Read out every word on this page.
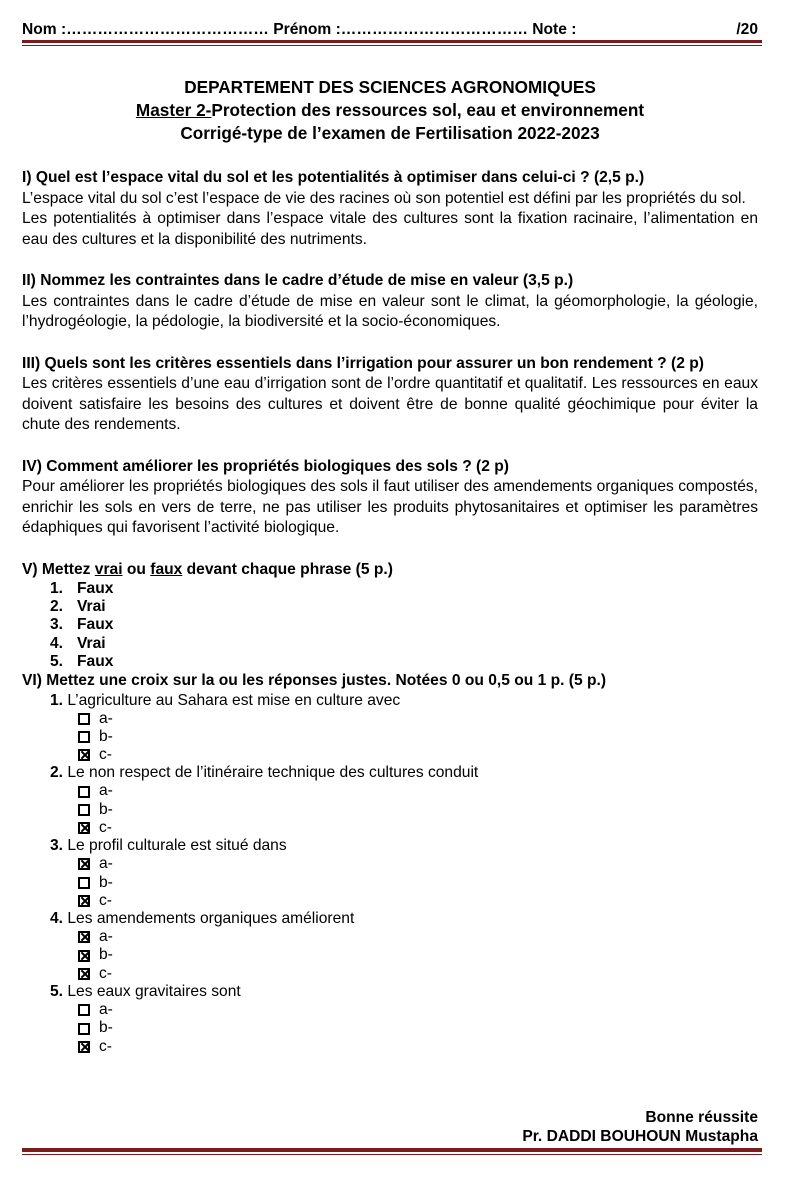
Nom :………………………………… Prénom :……………………………… Note :	/20
DEPARTEMENT DES SCIENCES AGRONOMIQUES
Master 2-Protection des ressources sol, eau et environnement
Corrigé-type de l’examen de Fertilisation 2022-2023
I) Quel est l’espace vital du sol et les potentialités à optimiser dans celui-ci ? (2,5 p.)
L’espace vital du sol c’est l’espace de vie des racines où son potentiel est défini par les propriétés du sol.
Les potentialités à optimiser dans l’espace vitale des cultures sont la fixation racinaire, l’alimentation en eau des cultures et la disponibilité des nutriments.
II) Nommez les contraintes dans le cadre d’étude de mise en valeur (3,5 p.)
Les contraintes dans le cadre d’étude de mise en valeur sont le climat, la géomorphologie, la géologie, l’hydrogéologie, la pédologie, la biodiversité et la socio-économiques.
III) Quels sont les critères essentiels dans l’irrigation pour assurer un bon rendement ? (2 p)
Les critères essentiels d’une eau d’irrigation sont de l’ordre quantitatif et qualitatif. Les ressources en eaux doivent satisfaire les besoins des cultures et doivent être de bonne qualité géochimique pour éviter la chute des rendements.
IV) Comment améliorer les propriétés biologiques des sols ? (2 p)
Pour améliorer les propriétés biologiques des sols il faut utiliser des amendements organiques compostés, enrichir les sols en vers de terre, ne pas utiliser les produits phytosanitaires et optimiser les paramètres édaphiques qui favorisent l’activité biologique.
V) Mettez vrai ou faux devant chaque phrase (5 p.)
1. Faux
2. Vrai
3. Faux
4. Vrai
5. Faux
VI) Mettez une croix sur la ou les réponses justes. Notées 0 ou 0,5 ou 1 p. (5 p.)
1. L’agriculture au Sahara est mise en culture avec
a-
b-
c-
2. Le non respect de l’itinéraire technique des cultures conduit
a-
b-
c-
3. Le profil culturale est situé dans
a-
b-
c-
4. Les amendements organiques améliorent
a-
b-
c-
5. Les eaux gravitaires sont
a-
b-
c-
Bonne réussite
Pr. DADDI BOUHOUN Mustapha
